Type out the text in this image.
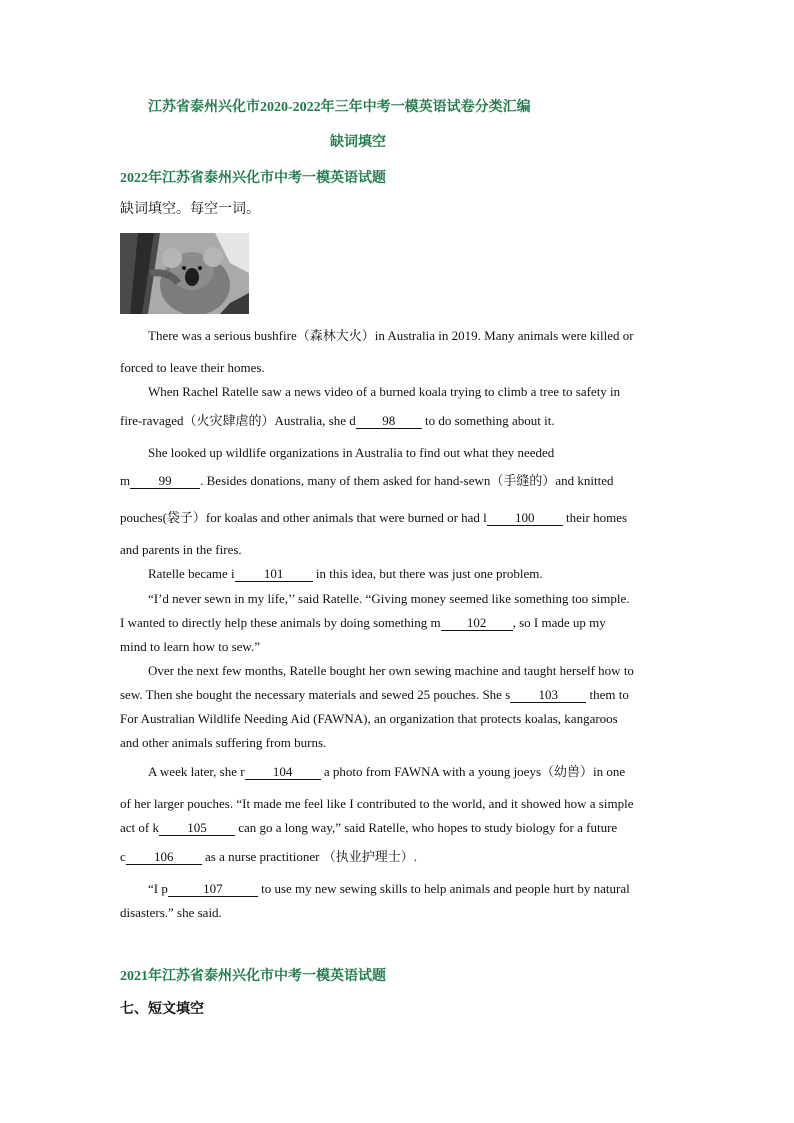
江苏省泰州兴化市2020-2022年三年中考一模英语试卷分类汇编
缺词填空
2022年江苏省泰州兴化市中考一模英语试题
缺词填空。每空一词。
There was a serious bushfire（森林大火）in Australia in 2019. Many animals were killed or
forced to leave their homes.
When Rachel Ratelle saw a news video of a burned koala trying to climb a tree to safety in
fire-ravaged（火灾肆虐的）Australia, she d 98 to do something about it.
She looked up wildlife organizations in Australia to find out what they needed
m 99 . Besides donations, many of them asked for hand-sewn（手缝的）and knitted
pouches(袋子）for koalas and other animals that were burned or had l 100 their homes
and parents in the fires.
Ratelle became i 101 in this idea, but there was just one problem.
“I’d never sewn in my life,’’ said Ratelle. “Giving money seemed like something too simple.
I wanted to directly help these animals by doing something m 102 , so I made up my
mind to learn how to sew.”
Over the next few months, Ratelle bought her own sewing machine and taught herself how to
sew. Then she bought the necessary materials and sewed 25 pouches. She s 103 them to
For Australian Wildlife Needing Aid (FAWNA), an organization that protects koalas, kangaroos
and other animals suffering from burns.
A week later, she r 104 a photo from FAWNA with a young joeys（幼兽）in one
of her larger pouches. “It made me feel like I contributed to the world, and it showed how a simple
act of k 105 can go a long way,” said Ratelle, who hopes to study biology for a future
c 106 as a nurse practitioner （执业护理士）.
“I p	107	to use my new sewing skills to help animals and people hurt by natural
disasters.” she said.
2021年江苏省泰州兴化市中考一模英语试题
七、短文填空
